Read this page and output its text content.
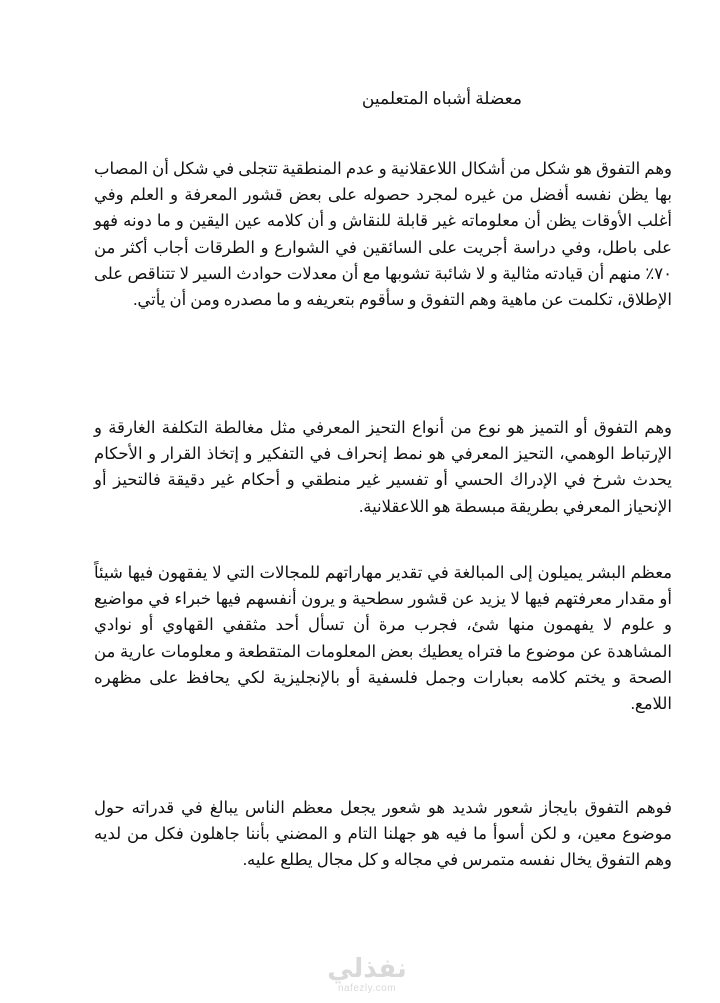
معضلة أشباه المتعلمين

وهم التفوق هو شكل من أشكال اللاعقلانية و عدم المنطقية تتجلى في شكل أن المصاب بها يظن نفسه أفضل من غيره لمجرد حصوله على بعض قشور المعرفة و العلم وفي أغلب الأوقات يظن أن معلوماته غير قابلة للنقاش و أن كلامه عين اليقين و ما دونه فهو على باطل، وفي دراسة أجريت على السائقين في الشوارع و الطرقات أجاب أكثر من ٧٠٪ منهم أن قيادته مثالية و لا شائبة تشوبها مع أن معدلات حوادث السير لا تتناقص على الإطلاق، تكلمت عن ماهية وهم التفوق و سأقوم بتعريفه و ما مصدره ومن أن يأتي.

وهم التفوق أو التميز هو نوع من أنواع التحيز المعرفي مثل مغالطة التكلفة الغارقة و الإرتباط الوهمي، التحيز المعرفي هو نمط إنحراف في التفكير و إتخاذ القرار و الأحكام يحدث شرخ في الإدراك الحسي أو تفسير غير منطقي و أحكام غير دقيقة فالتحيز أو الإنحياز المعرفي بطريقة مبسطة هو اللاعقلانية.

معظم البشر يميلون إلى المبالغة في تقدير مهاراتهم للمجالات التي لا يفقهون فيها شيئاً أو مقدار معرفتهم فيها لا يزيد عن قشور سطحية و يرون أنفسهم فيها خبراء في مواضيع و علوم لا يفهمون منها شئ، فجرب مرة أن تسأل أحد مثقفي القهاوي أو نوادي المشاهدة عن موضوع ما فتراه يعطيك بعض المعلومات المتقطعة و معلومات عارية من الصحة و يختم كلامه بعبارات وجمل فلسفية أو بالإنجليزية لكي يحافظ على مظهره اللامع.

فوهم التفوق بايجاز شعور شديد هو شعور يجعل معظم الناس يبالغ في قدراته حول موضوع معين، و لكن أسوأ ما فيه هو جهلنا التام و المضني بأننا جاهلون فكل من لديه وهم التفوق يخال نفسه متمرس في مجاله و كل مجال يطلع عليه.

نفذلي
nafezly.com
